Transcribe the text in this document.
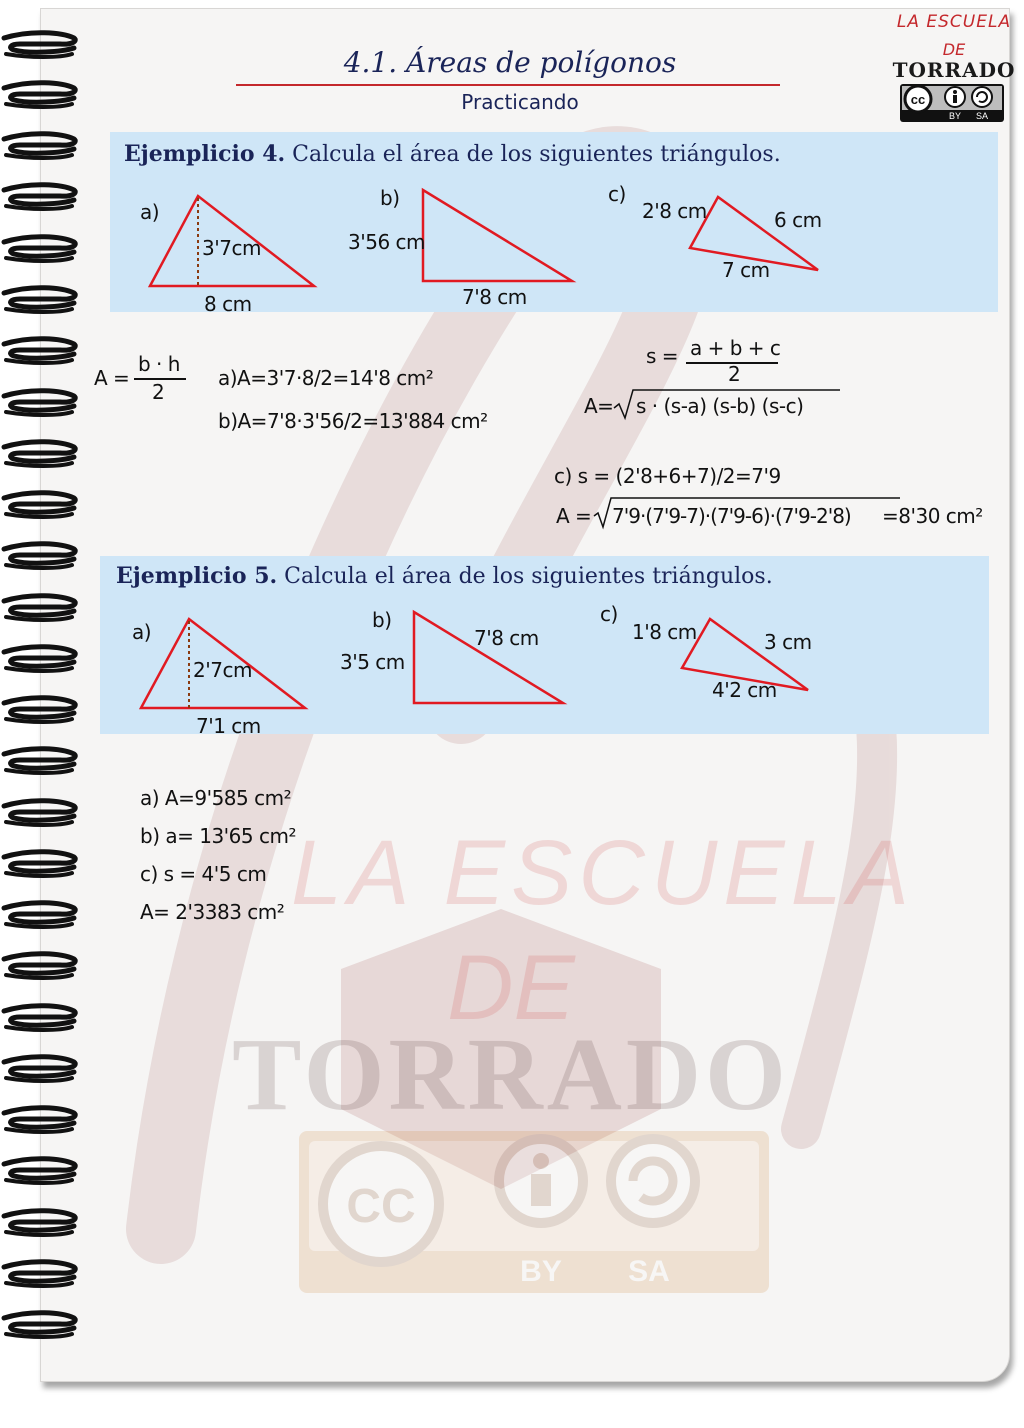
LA ESCUELA
DE
TORRADO
CC
BY SA
4.1. Áreas de polígonos
Practicando
LA ESCUELA
DE
TORRADO
cc
BY SA
Ejemplicio 4. Calcula el área de los siguientes triángulos.
a)
3'7cm
8 cm
b)
3'56 cm
7'8 cm
c)
2'8 cm	6 cm
7 cm
A =
b · h
2
a)A=3'7·8/2=14'8 cm²
b)A=7'8·3'56/2=13'884 cm²
s = a + b + c
2
A= s · (s-a) (s-b) (s-c)
c) s = (2'8+6+7)/2=7'9
A = 7'9·(7'9-7)·(7'9-6)·(7'9-2'8) =8'30 cm²
Ejemplicio 5. Calcula el área de los siguientes triángulos.
a)
2'7cm
7'1 cm
b)
3'5 cm
7'8 cm
c)
1'8 cm	3 cm
4'2 cm
a) A=9'585 cm²
b) a= 13'65 cm²
c) s = 4'5 cm
A= 2'3383 cm²
